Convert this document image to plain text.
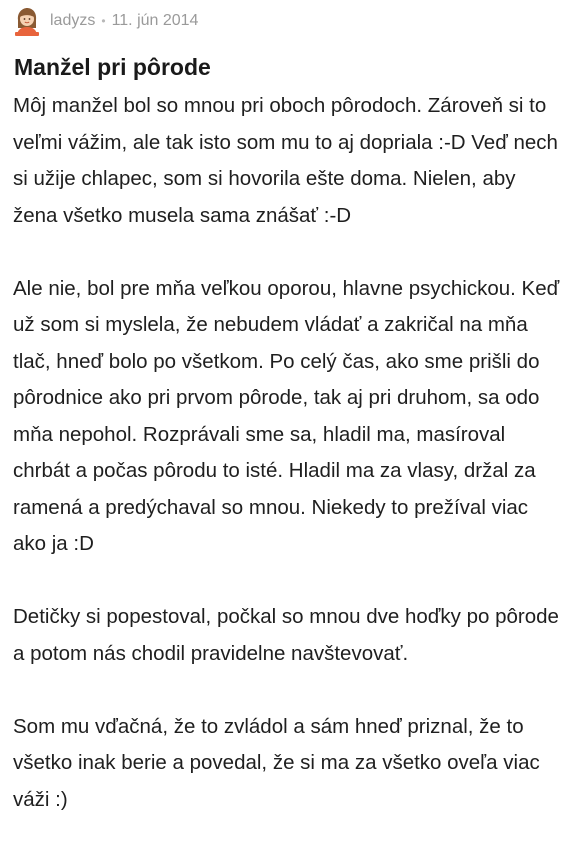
ladyzs • 11. jún 2014
Manžel pri pôrode

Môj manžel bol so mnou pri oboch pôrodoch. Zároveň si to veľmi vážim, ale tak isto som mu to aj dopriala :-D Veď nech si užije chlapec, som si hovorila ešte doma. Nielen, aby žena všetko musela sama znášať :-D

Ale nie, bol pre mňa veľkou oporou, hlavne psychickou. Keď už som si myslela, že nebudem vládať a zakričal na mňa tlač, hneď bolo po všetkom. Po celý čas, ako sme prišli do pôrodnice ako pri prvom pôrode, tak aj pri druhom, sa odo mňa nepohol. Rozprávali sme sa, hladil ma, masíroval chrbát a počas pôrodu to isté. Hladil ma za vlasy, držal za ramená a predýchaval so mnou. Niekedy to prežíval viac ako ja :D

Detičky si popestoval, počkal so mnou dve hoďky po pôrode a potom nás chodil pravidelne navštevovať.

Som mu vďačná, že to zvládol a sám hneď priznal, že to všetko inak berie a povedal, že si ma za všetko oveľa viac váži :)
